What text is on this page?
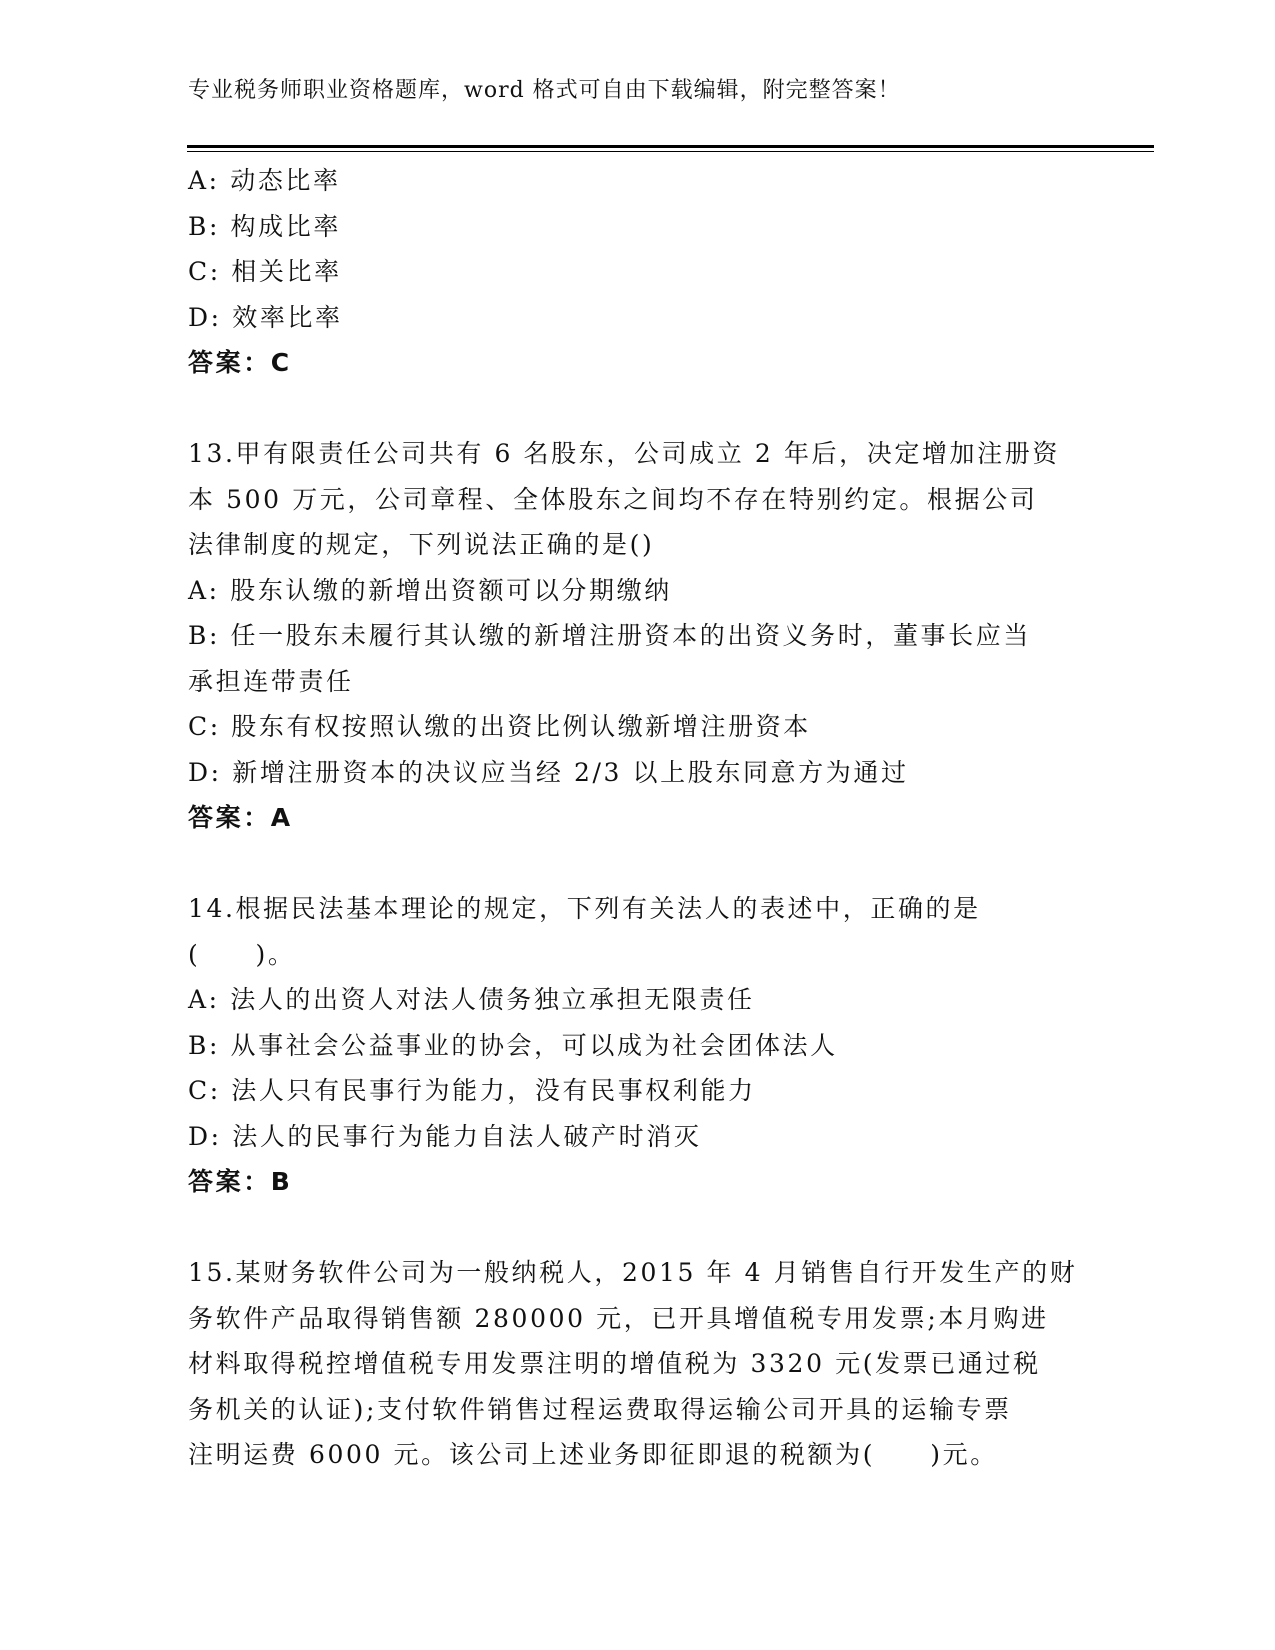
专业税务师职业资格题库，word 格式可自由下载编辑，附完整答案！
A: 动态比率
B: 构成比率
C: 相关比率
D: 效率比率
答案：C
13.甲有限责任公司共有 6 名股东，公司成立 2 年后，决定增加注册资
本 500 万元，公司章程、全体股东之间均不存在特别约定。根据公司
法律制度的规定，下列说法正确的是()
A: 股东认缴的新增出资额可以分期缴纳
B: 任一股东未履行其认缴的新增注册资本的出资义务时，董事长应当
承担连带责任
C: 股东有权按照认缴的出资比例认缴新增注册资本
D: 新增注册资本的决议应当经 2/3 以上股东同意方为通过
答案：A
14.根据民法基本理论的规定，下列有关法人的表述中，正确的是
(　　)。
A: 法人的出资人对法人债务独立承担无限责任
B: 从事社会公益事业的协会，可以成为社会团体法人
C: 法人只有民事行为能力，没有民事权利能力
D: 法人的民事行为能力自法人破产时消灭
答案：B
15.某财务软件公司为一般纳税人，2015 年 4 月销售自行开发生产的财
务软件产品取得销售额 280000 元，已开具增值税专用发票;本月购进
材料取得税控增值税专用发票注明的增值税为 3320 元(发票已通过税
务机关的认证);支付软件销售过程运费取得运输公司开具的运输专票
注明运费 6000 元。该公司上述业务即征即退的税额为(　　)元。
